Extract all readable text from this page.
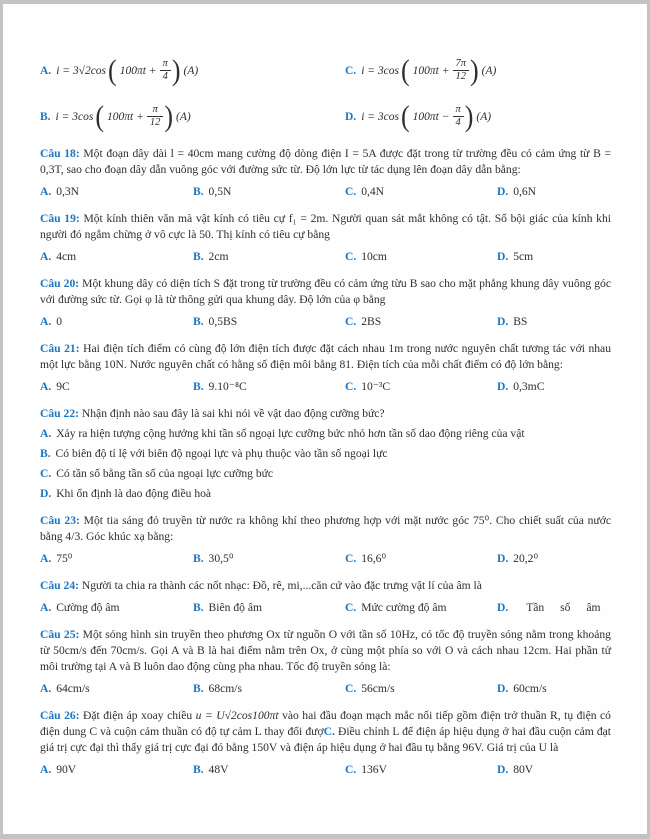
A. i = 3√2cos ( $100\pi t + \frac{\pi}{4}$ ) (A)	C. i = 3cos ( $100\pi t + \frac{7\pi}{12}$ ) (A)
B. i = 3cos ( $100\pi t + \frac{\pi}{12}$ ) (A)	D. i = 3cos ( $100\pi t - \frac{\pi}{4}$ ) (A)
Câu 18: Một đoạn dây dài l = 40cm mang cường độ dòng điện I = 5A được đặt trong từ trường đều có cảm ứng từ B = 0,3T, sao cho đoạn dây dẫn vuông góc với đường sức từ. Độ lớn lực từ tác dụng lên đoạn dây dẫn bằng:
A. 0,3N	B. 0,5N	C. 0,4N	D. 0,6N
Câu 19: Một kính thiên văn mà vật kính có tiêu cự f₁ = 2m. Người quan sát mắt không có tật. Số bội giác của kính khi người đó ngắm chừng ở vô cực là 50. Thị kính có tiêu cự bằng
A. 4cm	B. 2cm	C. 10cm	D. 5cm
Câu 20: Một khung dây có diện tích S đặt trong từ trường đều có cảm ứng từu B sao cho mặt phẳng khung dây vuông góc với đường sức từ. Gọi φ là từ thông gửi qua khung dây. Độ lớn của φ bằng
A. 0	B. 0,5BS	C. 2BS	D. BS
Câu 21: Hai điện tích điểm có cùng độ lớn điện tích được đặt cách nhau 1m trong nước nguyên chất tương tác với nhau một lực bằng 10N. Nước nguyên chất có hằng số điện môi bằng 81. Điện tích của mỗi chất điểm có độ lớn bằng:
A. 9C	B. 9.10⁻⁸C	C. 10⁻³C	D. 0,3mC
Câu 22: Nhận định nào sau đây là sai khi nói về vật dao động cưỡng bức?
A. Xảy ra hiện tượng cộng hưởng khi tần số ngoại lực cưỡng bức nhỏ hơn tần số dao động riêng của vật
B. Có biên độ tỉ lệ với biên độ ngoại lực và phụ thuộc vào tần số ngoại lực
C. Có tần số bằng tần số của ngoại lực cưỡng bức
D. Khi ổn định là dao động điều hoà
Câu 23: Một tia sáng đỏ truyền từ nước ra không khí theo phương hợp với mặt nước góc 75⁰. Cho chiết suất của nước bằng 4/3. Góc khúc xạ bằng:
A. 75⁰	B. 30,5⁰	C. 16,6⁰	D. 20,2⁰
Câu 24: Người ta chia ra thành các nốt nhạc: Đồ, rê, mi,...căn cứ vào đặc trưng vật lí của âm là
A. Cường độ âm	B. Biên độ âm	C. Mức cường độ âm	D. Tần số âm
Câu 25: Một sóng hình sin truyền theo phương Ox từ nguồn O với tần số 10Hz, có tốc độ truyền sóng nằm trong khoảng từ 50cm/s đến 70cm/s. Gọi A và B là hai điểm nằm trên Ox, ở cùng một phía so với O và cách nhau 12cm. Hai phần tử môi trường tại A và B luôn dao động cùng pha nhau. Tốc độ truyền sóng là:
A. 64cm/s	B. 68cm/s	C. 56cm/s	D. 60cm/s
Câu 26: Đặt điện áp xoay chiều u = U√2cos100πt vào hai đầu đoạn mạch mắc nối tiếp gồm điện trở thuần R, tụ điện có điện dung C và cuộn cảm thuần có độ tự cảm L thay đổi đượC. Điều chỉnh L để điện áp hiệu dụng ở hai đầu cuộn cảm đạt giá trị cực đại thì thấy giá trị cực đại đó bằng 150V và điện áp hiệu dụng ở hai đầu tụ bằng 96V. Giá trị của U là
A. 90V	B. 48V	C. 136V	D. 80V
